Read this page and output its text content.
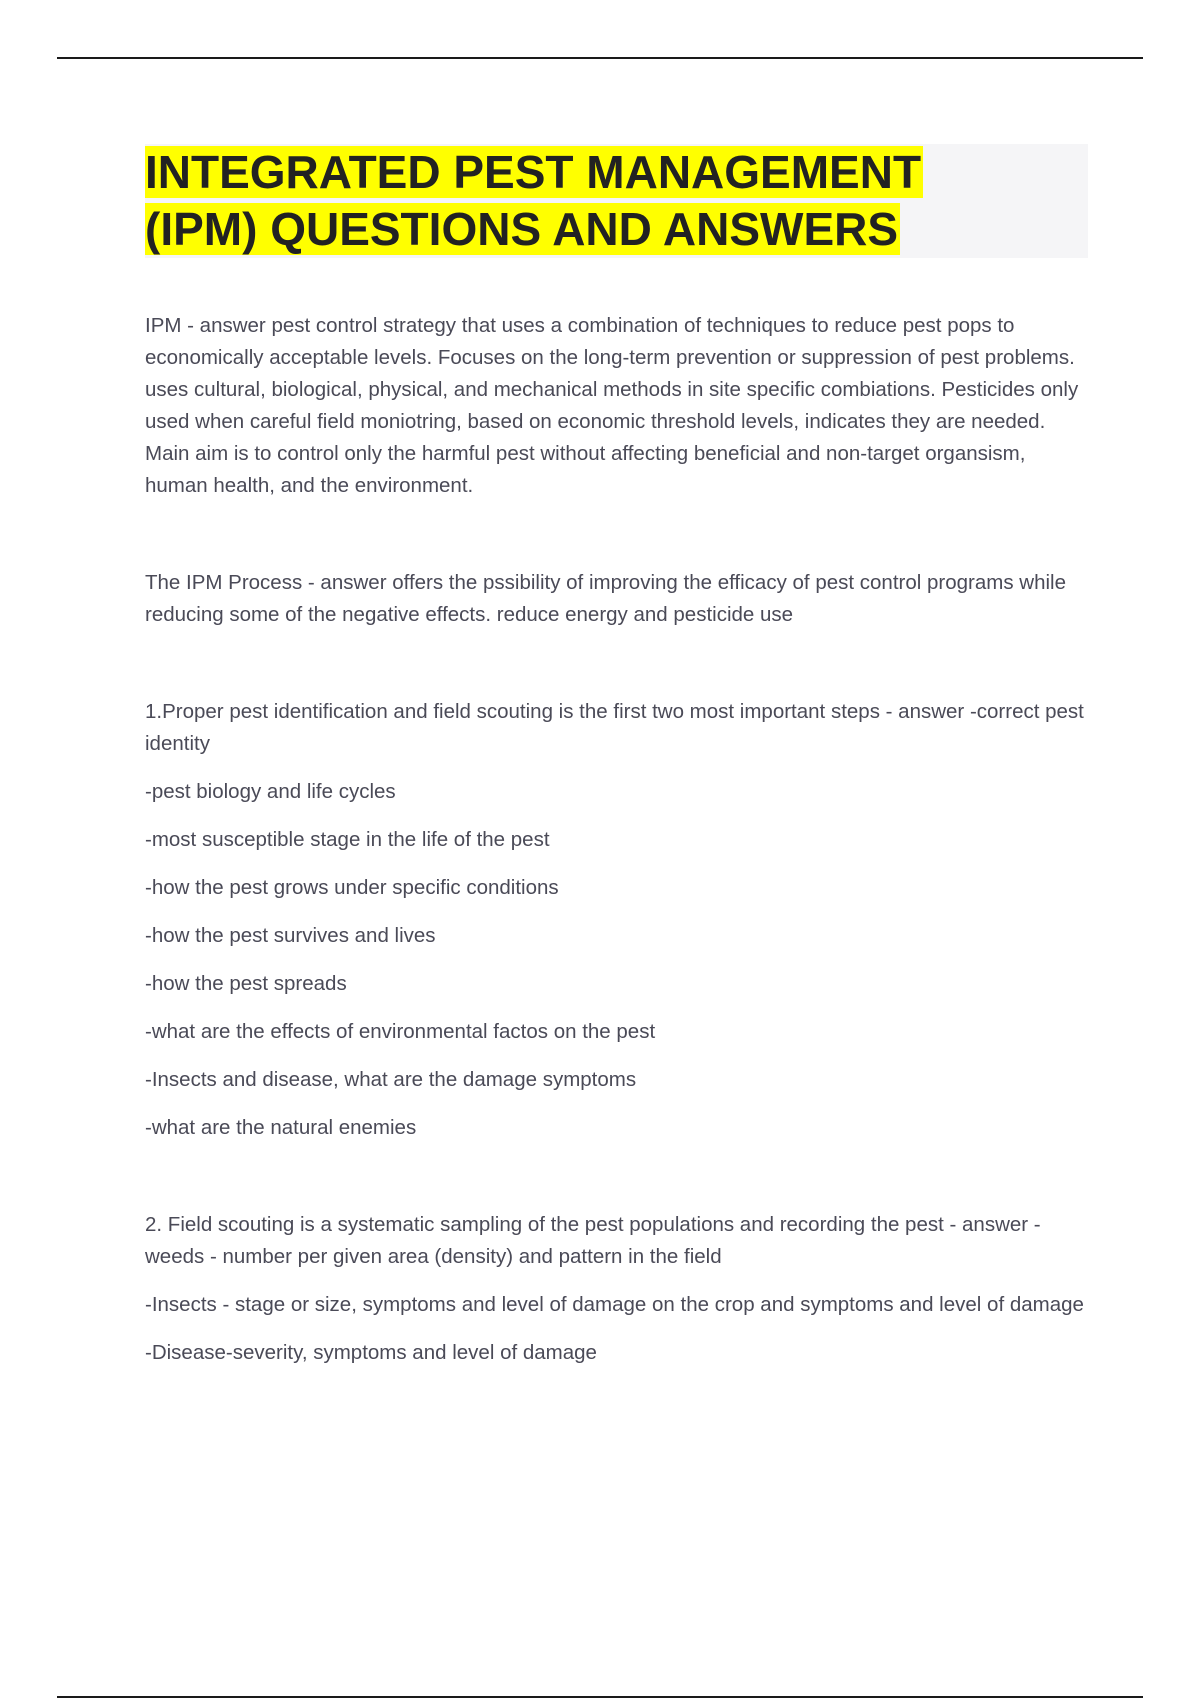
INTEGRATED PEST MANAGEMENT
(IPM) QUESTIONS AND ANSWERS

IPM - answer pest control strategy that uses a combination of techniques to reduce pest pops to economically acceptable levels. Focuses on the long-term prevention or suppression of pest problems. uses cultural, biological, physical, and mechanical methods in site specific combiations. Pesticides only used when careful field moniotring, based on economic threshold levels, indicates they are needed. Main aim is to control only the harmful pest without affecting beneficial and non-target organsism, human health, and the environment.

The IPM Process - answer offers the pssibility of improving the efficacy of pest control programs while reducing some of the negative effects. reduce energy and pesticide use

1.Proper pest identification and field scouting is the first two most important steps - answer -correct pest identity

-pest biology and life cycles

-most susceptible stage in the life of the pest

-how the pest grows under specific conditions

-how the pest survives and lives

-how the pest spreads

-what are the effects of environmental factos on the pest

-Insects and disease, what are the damage symptoms

-what are the natural enemies

2. Field scouting is a systematic sampling of the pest populations and recording the pest - answer -weeds - number per given area (density) and pattern in the field

-Insects - stage or size, symptoms and level of damage on the crop and symptoms and level of damage

-Disease-severity, symptoms and level of damage
